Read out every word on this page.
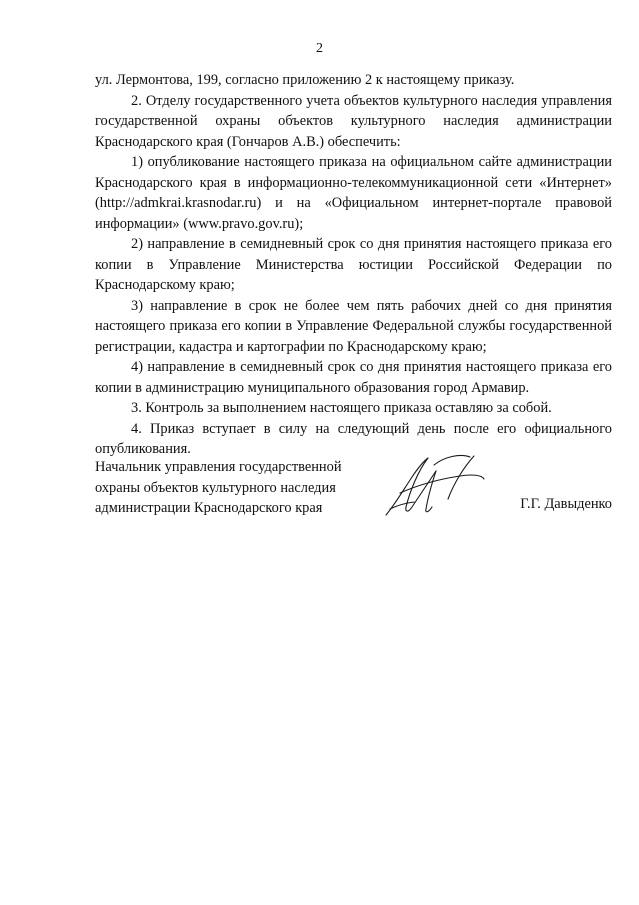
2

ул. Лермонтова, 199, согласно приложению 2 к настоящему приказу.

2. Отделу государственного учета объектов культурного наследия управления государственной охраны объектов культурного наследия администрации Краснодарского края (Гончаров А.В.) обеспечить:

1) опубликование настоящего приказа на официальном сайте администрации Краснодарского края в информационно-телекоммуникационной сети «Интернет» (http://admkrai.krasnodar.ru) и на «Официальном интернет-портале правовой информации» (www.pravo.gov.ru);

2) направление в семидневный срок со дня принятия настоящего приказа его копии в Управление Министерства юстиции Российской Федерации по Краснодарскому краю;

3) направление в срок не более чем пять рабочих дней со дня принятия настоящего приказа его копии в Управление Федеральной службы государственной регистрации, кадастра и картографии по Краснодарскому краю;

4) направление в семидневный срок со дня принятия настоящего приказа его копии в администрацию муниципального образования город Армавир.

3. Контроль за выполнением настоящего приказа оставляю за собой.

4. Приказ вступает в силу на следующий день после его официального опубликования.

Начальник управления государственной
охраны объектов культурного наследия
администрации Краснодарского края	Г.Г. Давыденко
